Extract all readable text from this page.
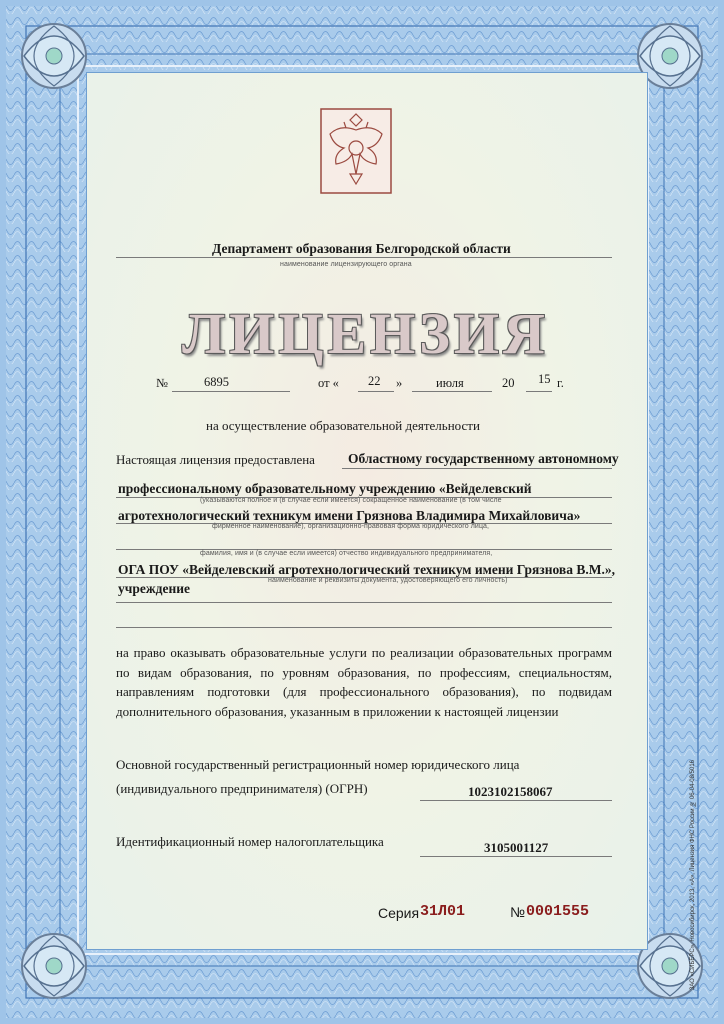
Департамент образования Белгородской области
наименование лицензирующего органа
ЛИЦЕНЗИЯ
№	6895	от « 22 »	июля	20 15 г.
на осуществление образовательной деятельности
Настоящая лицензия предоставлена Областному государственному автономному
профессиональному образовательному учреждению «Вейделевский
(указываются полное и (в случае если имеется) сокращенное наименование (в том числе
агротехнологический техникум имени Грязнова Владимира Михайловича»
фирменное наименование), организационно-правовая форма юридического лица,
фамилия, имя и (в случае если имеется) отчество индивидуального предпринимателя,
ОГА ПОУ «Вейделевский агротехнологический техникум имени Грязнова В.М.»,
наименование и реквизиты документа, удостоверяющего его личность)
учреждение
на право оказывать образовательные услуги по реализации образовательных программ по видам образования, по уровням образования, по профессиям, специальностям, направлениям подготовки (для профессионального образования), по подвидам дополнительного образования, указанным в приложении к настоящей лицензии
Основной государственный регистрационный номер юридического лица
(индивидуального предпринимателя) (ОГРН)	1023102158067
Идентификационный номер налогоплательщика	3105001127
Серия 31Л01	№ 0001555	ЗАО «СИБЕРС», Новосибирск, 2013, «А», Лицензия ФНС России № 06-04-08/5016
